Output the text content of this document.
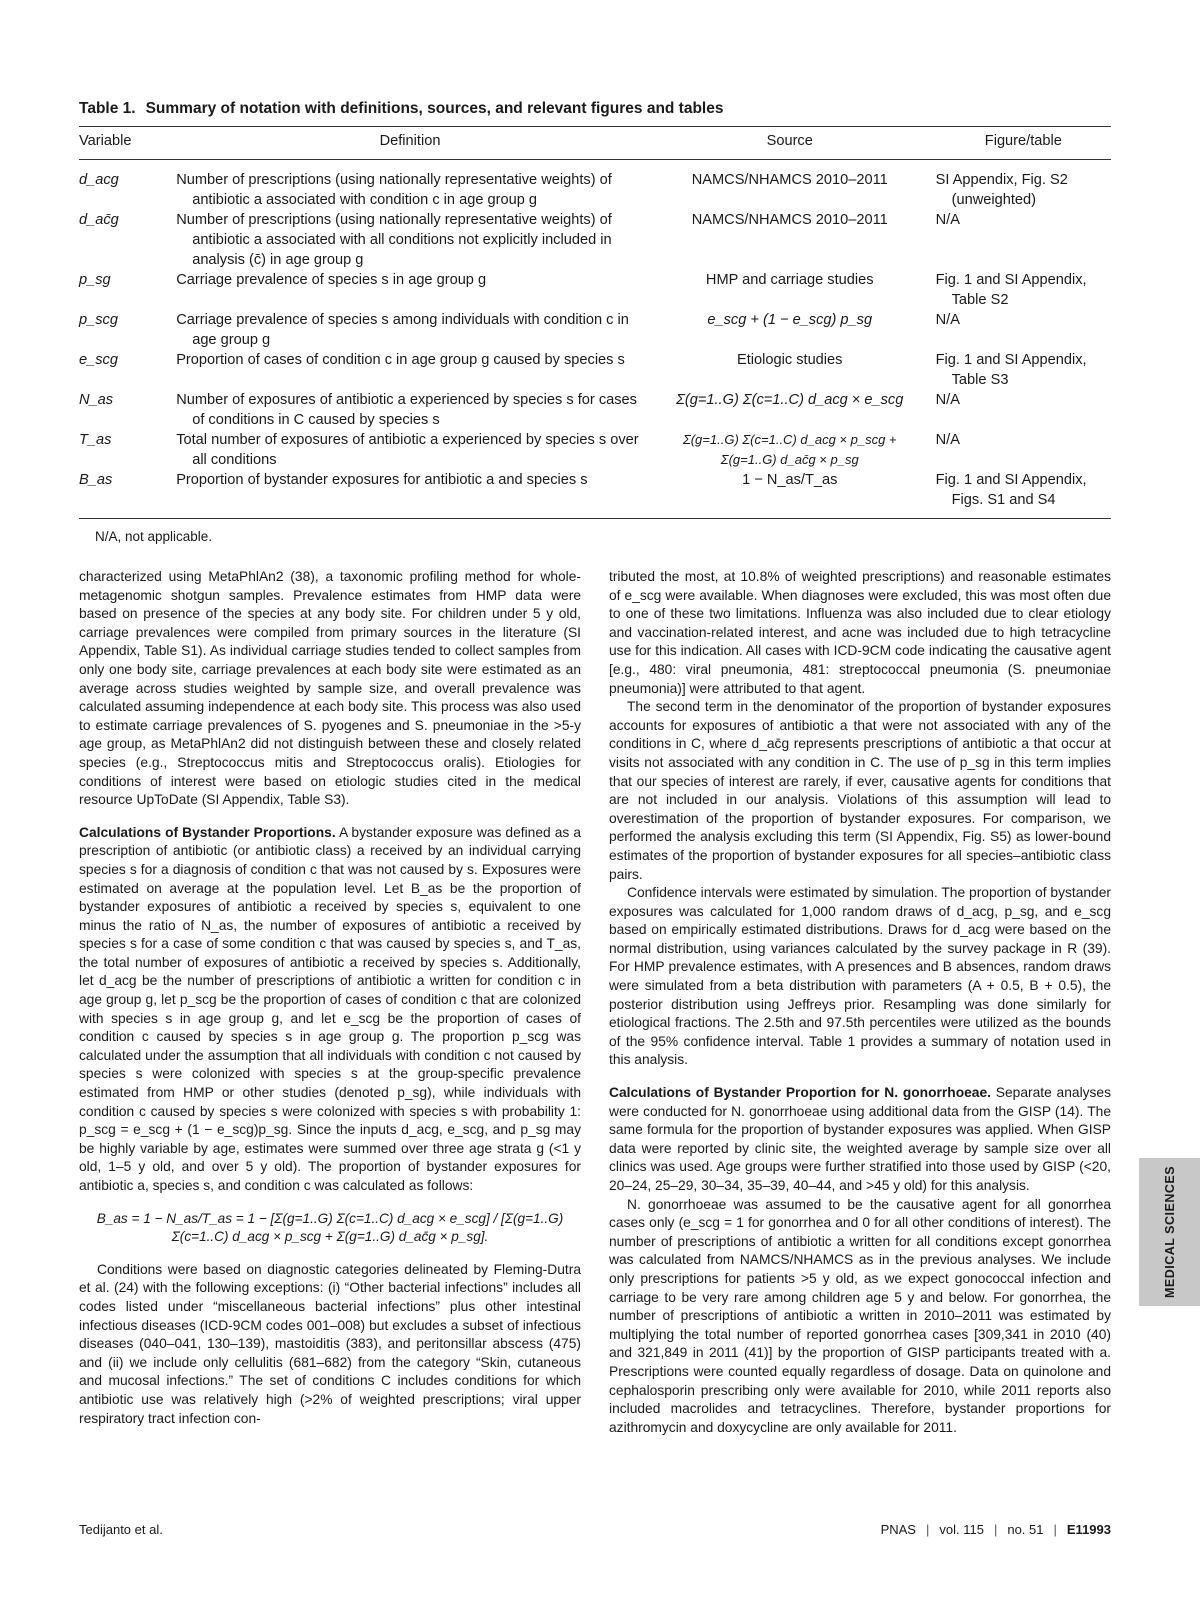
Table 1. Summary of notation with definitions, sources, and relevant figures and tables
Variable	Definition	Source	Figure/table
d_acg	Number of prescriptions (using nationally representative weights) of antibiotic a associated with condition c in age group g	NAMCS/NHAMCS 2010–2011	SI Appendix, Fig. S2 (unweighted)

d_ac̄g	Number of prescriptions (using nationally representative weights) of antibiotic a associated with all conditions not explicitly included in analysis (c̄) in age group g	NAMCS/NHAMCS 2010–2011	N/A

p_sg	Carriage prevalence of species s in age group g	HMP and carriage studies	Fig. 1 and SI Appendix, Table S2

p_scg	Carriage prevalence of species s among individuals with condition c in age group g	e_scg + (1 − e_scg) p_sg	N/A

e_scg	Proportion of cases of condition c in age group g caused by species s	Etiologic studies	Fig. 1 and SI Appendix, Table S3

N_as	Number of exposures of antibiotic a experienced by species s for cases of conditions in C caused by species s	Σ(g=1..G) Σ(c=1..C) d_acg × e_scg	N/A

T_as	Total number of exposures of antibiotic a experienced by species s over all conditions	Σ(g=1..G) Σ(c=1..C) d_acg × p_scg + Σ(g=1..G) d_ac̄g × p_sg	N/A

B_as	Proportion of bystander exposures for antibiotic a and species s	1 − N_as/T_as	Fig. 1 and SI Appendix, Figs. S1 and S4
N/A, not applicable.

characterized using MetaPhlAn2 (38), a taxonomic profiling method for whole-metagenomic shotgun samples. Prevalence estimates from HMP data were based on presence of the species at any body site. For children under 5 y old, carriage prevalences were compiled from primary sources in the literature (SI Appendix, Table S1). As individual carriage studies tended to collect samples from only one body site, carriage prevalences at each body site were estimated as an average across studies weighted by sample size, and overall prevalence was calculated assuming independence at each body site. This process was also used to estimate carriage prevalences of S. pyogenes and S. pneumoniae in the >5-y age group, as MetaPhlAn2 did not distinguish between these and closely related species (e.g., Streptococcus mitis and Streptococcus oralis). Etiologies for conditions of interest were based on etiologic studies cited in the medical resource UpToDate (SI Appendix, Table S3).

Calculations of Bystander Proportions. A bystander exposure was defined as a prescription of antibiotic (or antibiotic class) a received by an individual carrying species s for a diagnosis of condition c that was not caused by s. Exposures were estimated on average at the population level. Let B_as be the proportion of bystander exposures of antibiotic a received by species s, equivalent to one minus the ratio of N_as, the number of exposures of antibiotic a received by species s for a case of some condition c that was caused by species s, and T_as, the total number of exposures of antibiotic a received by species s. Additionally, let d_acg be the number of prescriptions of antibiotic a written for condition c in age group g, let p_scg be the proportion of cases of condition c that are colonized with species s in age group g, and let e_scg be the proportion of cases of condition c caused by species s in age group g. The proportion p_scg was calculated under the assumption that all individuals with condition c not caused by species s were colonized with species s at the group-specific prevalence estimated from HMP or other studies (denoted p_sg), while individuals with condition c caused by species s were colonized with species s with probability 1: p_scg = e_scg + (1 − e_scg)p_sg. Since the inputs d_acg, e_scg, and p_sg may be highly variable by age, estimates were summed over three age strata g (<1 y old, 1–5 y old, and over 5 y old). The proportion of bystander exposures for antibiotic a, species s, and condition c was calculated as follows:

B_as = 1 − N_as/T_as = 1 − [Σ(g=1..G) Σ(c=1..C) d_acg × e_scg] / [Σ(g=1..G) Σ(c=1..C) d_acg × p_scg + Σ(g=1..G) d_ac̄g × p_sg].

Conditions were based on diagnostic categories delineated by Fleming-Dutra et al. (24) with the following exceptions: (i) “Other bacterial infections” includes all codes listed under “miscellaneous bacterial infections” plus other intestinal infectious diseases (ICD-9CM codes 001–008) but excludes a subset of infectious diseases (040–041, 130–139), mastoiditis (383), and peritonsillar abscess (475) and (ii) we include only cellulitis (681–682) from the category “Skin, cutaneous and mucosal infections.” The set of conditions C includes conditions for which antibiotic use was relatively high (>2% of weighted prescriptions; viral upper respiratory tract infection con-

tributed the most, at 10.8% of weighted prescriptions) and reasonable estimates of e_scg were available. When diagnoses were excluded, this was most often due to one of these two limitations. Influenza was also included due to clear etiology and vaccination-related interest, and acne was included due to high tetracycline use for this indication. All cases with ICD-9CM code indicating the causative agent [e.g., 480: viral pneumonia, 481: streptococcal pneumonia (S. pneumoniae pneumonia)] were attributed to that agent.

The second term in the denominator of the proportion of bystander exposures accounts for exposures of antibiotic a that were not associated with any of the conditions in C, where d_ac̄g represents prescriptions of antibiotic a that occur at visits not associated with any condition in C. The use of p_sg in this term implies that our species of interest are rarely, if ever, causative agents for conditions that are not included in our analysis. Violations of this assumption will lead to overestimation of the proportion of bystander exposures. For comparison, we performed the analysis excluding this term (SI Appendix, Fig. S5) as lower-bound estimates of the proportion of bystander exposures for all species–antibiotic class pairs.

Confidence intervals were estimated by simulation. The proportion of bystander exposures was calculated for 1,000 random draws of d_acg, p_sg, and e_scg based on empirically estimated distributions. Draws for d_acg were based on the normal distribution, using variances calculated by the survey package in R (39). For HMP prevalence estimates, with A presences and B absences, random draws were simulated from a beta distribution with parameters (A + 0.5, B + 0.5), the posterior distribution using Jeffreys prior. Resampling was done similarly for etiological fractions. The 2.5th and 97.5th percentiles were utilized as the bounds of the 95% confidence interval. Table 1 provides a summary of notation used in this analysis.

Calculations of Bystander Proportion for N. gonorrhoeae. Separate analyses were conducted for N. gonorrhoeae using additional data from the GISP (14). The same formula for the proportion of bystander exposures was applied. When GISP data were reported by clinic site, the weighted average by sample size over all clinics was used. Age groups were further stratified into those used by GISP (<20, 20–24, 25–29, 30–34, 35–39, 40–44, and >45 y old) for this analysis.

N. gonorrhoeae was assumed to be the causative agent for all gonorrhea cases only (e_scg = 1 for gonorrhea and 0 for all other conditions of interest). The number of prescriptions of antibiotic a written for all conditions except gonorrhea was calculated from NAMCS/NHAMCS as in the previous analyses. We include only prescriptions for patients >5 y old, as we expect gonococcal infection and carriage to be very rare among children age 5 y and below. For gonorrhea, the number of prescriptions of antibiotic a written in 2010–2011 was estimated by multiplying the total number of reported gonorrhea cases [309,341 in 2010 (40) and 321,849 in 2011 (41)] by the proportion of GISP participants treated with a. Prescriptions were counted equally regardless of dosage. Data on quinolone and cephalosporin prescribing only were available for 2010, while 2011 reports also included macrolides and tetracyclines. Therefore, bystander proportions for azithromycin and doxycycline are only available for 2011.

MEDICAL SCIENCES
Tedijanto et al.	PNAS | vol. 115 | no. 51 | E11993
